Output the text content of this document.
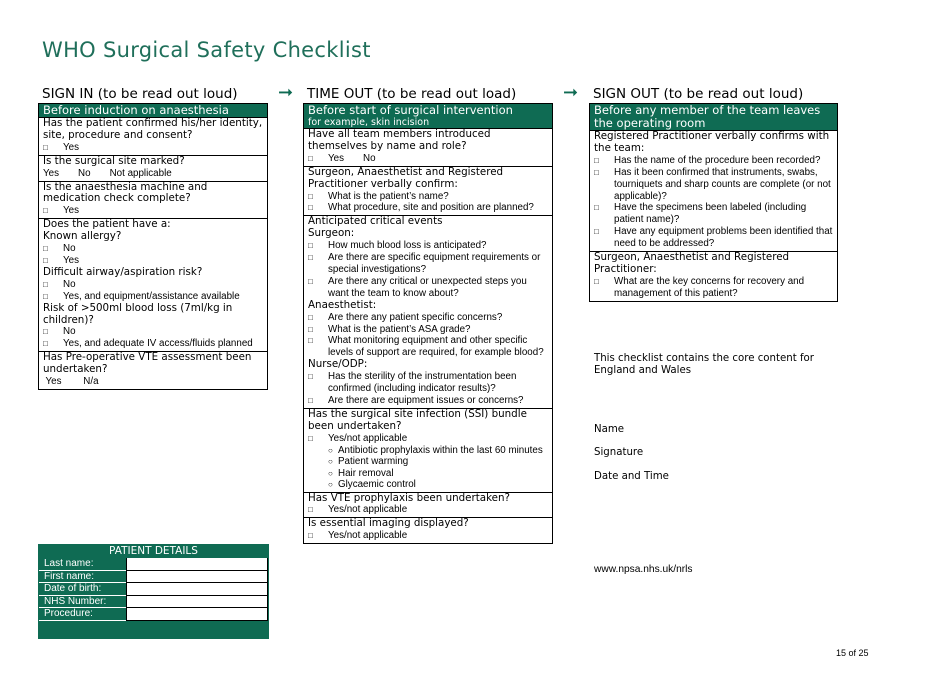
WHO Surgical Safety Checklist
SIGN IN (to be read out loud)
Before induction on anaesthesia
Has the patient confirmed his/her identity, site, procedure and consent?
□ Yes
Is the surgical site marked?
Yes       No       Not applicable
Is the anaesthesia machine and medication check complete?
□ Yes
Does the patient have a:
Known allergy?
□ No
□ Yes
Difficult airway/aspiration risk?
□ No
□ Yes, and equipment/assistance available
Risk of >500ml blood loss (7ml/kg in children)?
□ No
□ Yes, and adequate IV access/fluids planned
Has Pre-operative VTE assessment been undertaken?
Yes        N/a
➞ TIME OUT (to be read out load)
Before start of surgical intervention
for example, skin incision
Have all team members introduced themselves by name and role?
□ Yes       No
Surgeon, Anaesthetist and Registered Practitioner verbally confirm:
□ What is the patient’s name?
□ What procedure, site and position are planned?
Anticipated critical events
Surgeon:
□ How much blood loss is anticipated?
□ Are there are specific equipment requirements or special investigations?
□ Are there any critical or unexpected steps you want the team to know about?
Anaesthetist:
□ Are there any patient specific concerns?
□ What is the patient’s ASA grade?
□ What monitoring equipment and other specific levels of support are required, for example blood?
Nurse/ODP:
□ Has the sterility of the instrumentation been confirmed (including indicator results)?
□ Are there are equipment issues or concerns?
Has the surgical site infection (SSI) bundle been undertaken?
□ Yes/not applicable
○ Antibiotic prophylaxis within the last 60 minutes
○ Patient warming
○ Hair removal
○ Glycaemic control
Has VTE prophylaxis been undertaken?
□ Yes/not applicable
Is essential imaging displayed?
□ Yes/not applicable
➞ SIGN OUT (to be read out loud)
Before any member of the team leaves the operating room
Registered Practitioner verbally confirms with the team:
□ Has the name of the procedure been recorded?
□ Has it been confirmed that instruments, swabs, tourniquets and sharp counts are complete (or not applicable)?
□ Have the specimens been labeled (including patient name)?
□ Have any equipment problems been identified that need to be addressed?
Surgeon, Anaesthetist and Registered Practitioner:
□ What are the key concerns for recovery and management of this patient?
This checklist contains the core content for England and Wales
Name
Signature
Date and Time
www.npsa.nhs.uk/nrls
PATIENT DETAILS
Last name:
First name:
Date of birth:
NHS Number:
Procedure:
15 of 25
